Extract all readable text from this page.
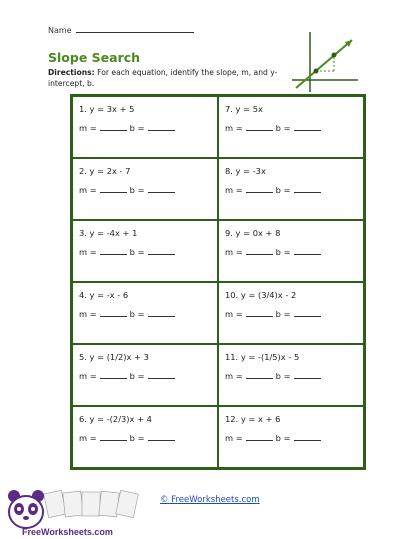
Name
Slope Search
Directions: For each equation, identify the slope, m, and y-intercept, b.
1. y = 3x + 5
m =	b =
7. y = 5x
m =	b =
2. y = 2x - 7
m =	b =
8. y = -3x
m =	b =
3. y = -4x + 1
m =	b =
9. y = 0x + 8
m =	b =
4. y = -x - 6
m =	b =
10. y = (3/4)x - 2
m =	b =
5. y = (1/2)x + 3
m =	b =
11. y = -(1/5)x - 5
m =	b =
6. y = -(2/3)x + 4
m =	b =
12. y = x + 6
m =	b =
FreeWorksheets.com
© FreeWorksheets.com
